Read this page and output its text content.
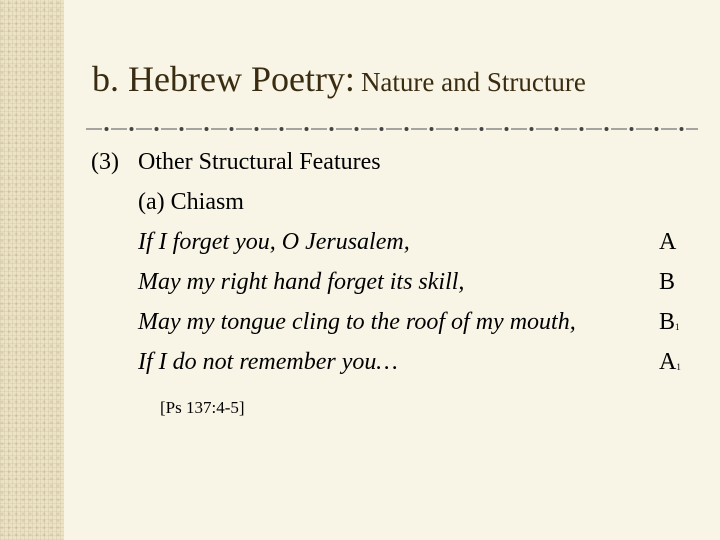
b. Hebrew Poetry: Nature and Structure
(3) Other Structural Features
(a) Chiasm
If I forget you, O Jerusalem,
May my right hand forget its skill,
May my tongue cling to the roof of my mouth,
If I do not remember you…
A
B
$B_1$
$A_1$
[Ps 137:4-5]
